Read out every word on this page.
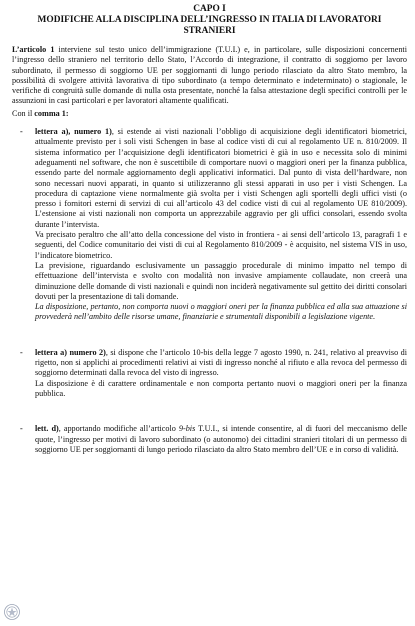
CAPO I

MODIFICHE ALLA DISCIPLINA DELL’INGRESSO IN ITALIA DI LAVORATORI STRANIERI

L’articolo 1 interviene sul testo unico dell’immigrazione (T.U.I.) e, in particolare, sulle disposizioni concernenti l’ingresso dello straniero nel territorio dello Stato, l’Accordo di integrazione, il contratto di soggiorno per lavoro subordinato, il permesso di soggiorno UE per soggiornanti di lungo periodo rilasciato da altro Stato membro, la possibilità di svolgere attività lavorativa di tipo subordinato (a tempo determinato e indeterminato) o stagionale, le verifiche di congruità sulle domande di nulla osta presentate, nonché la falsa attestazione degli specifici controlli per le assunzioni in casi particolari e per lavoratori altamente qualificati.

Con il comma 1:

- lettera a), numero 1), si estende ai visti nazionali l’obbligo di acquisizione degli identificatori biometrici, attualmente previsto per i soli visti Schengen in base al codice visti di cui al regolamento UE n. 810/2009. Il sistema informatico per l’acquisizione degli identificatori biometrici è già in uso e necessita solo di minimi adeguamenti nel software, che non è suscettibile di comportare nuovi o maggiori oneri per la finanza pubblica, essendo parte del normale aggiornamento degli applicativi informatici. Dal punto di vista dell’hardware, non sono necessari nuovi apparati, in quanto si utilizzeranno gli stessi apparati in uso per i visti Schengen. La procedura di captazione viene normalmente già svolta per i visti Schengen agli sportelli degli uffici visti (o presso i fornitori esterni di servizi di cui all’articolo 43 del codice visti di cui al regolamento UE 810/2009). L’estensione ai visti nazionali non comporta un apprezzabile aggravio per gli uffici consolari, essendo svolta durante l’intervista.

Va precisato peraltro che all’atto della concessione del visto in frontiera - ai sensi dell’articolo 13, paragrafi 1 e seguenti, del Codice comunitario dei visti di cui al Regolamento 810/2009 - è acquisito, nel sistema VIS in uso, l’indicatore biometrico.

La previsione, riguardando esclusivamente un passaggio procedurale di minimo impatto nel tempo di effettuazione dell’intervista e svolto con modalità non invasive ampiamente collaudate, non creerà una diminuzione delle domande di visti nazionali e quindi non inciderà negativamente sul gettito dei diritti consolari dovuti per la presentazione di tali domande.

La disposizione, pertanto, non comporta nuovi o maggiori oneri per la finanza pubblica ed alla sua attuazione si provvederà nell’ambito delle risorse umane, finanziarie e strumentali disponibili a legislazione vigente.

- lettera a) numero 2), si dispone che l’articolo 10-bis della legge 7 agosto 1990, n. 241, relativo al preavviso di rigetto, non si applichi ai procedimenti relativi ai visti di ingresso nonché al rifiuto e alla revoca del permesso di soggiorno determinati dalla revoca del visto di ingresso.

La disposizione è di carattere ordinamentale e non comporta pertanto nuovi o maggiori oneri per la finanza pubblica.

- lett. d), apportando modifiche all’articolo 9-bis T.U.I., si intende consentire, al di fuori del meccanismo delle quote, l’ingresso per motivi di lavoro subordinato (o autonomo) dei cittadini stranieri titolari di un permesso di soggiorno UE per soggiornanti di lungo periodo rilasciato da altro Stato membro dell’UE e in corso di validità.
